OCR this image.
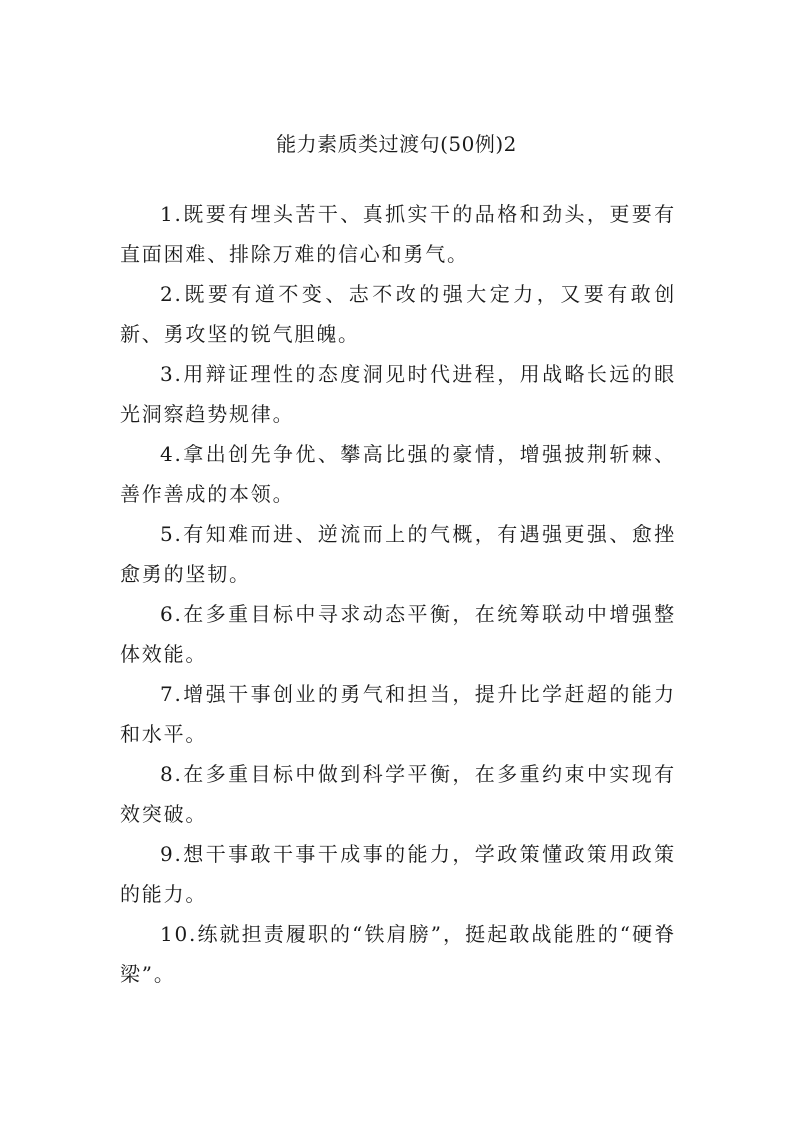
能力素质类过渡句(50例)2

1.既要有埋头苦干、真抓实干的品格和劲头，更要有直面困难、排除万难的信心和勇气。

2.既要有道不变、志不改的强大定力，又要有敢创新、勇攻坚的锐气胆魄。

3.用辩证理性的态度洞见时代进程，用战略长远的眼光洞察趋势规律。

4.拿出创先争优、攀高比强的豪情，增强披荆斩棘、善作善成的本领。

5.有知难而进、逆流而上的气概，有遇强更强、愈挫愈勇的坚韧。

6.在多重目标中寻求动态平衡，在统筹联动中增强整体效能。

7.增强干事创业的勇气和担当，提升比学赶超的能力和水平。

8.在多重目标中做到科学平衡，在多重约束中实现有效突破。

9.想干事敢干事干成事的能力，学政策懂政策用政策的能力。

10.练就担责履职的“铁肩膀”，挺起敢战能胜的“硬脊梁”。
